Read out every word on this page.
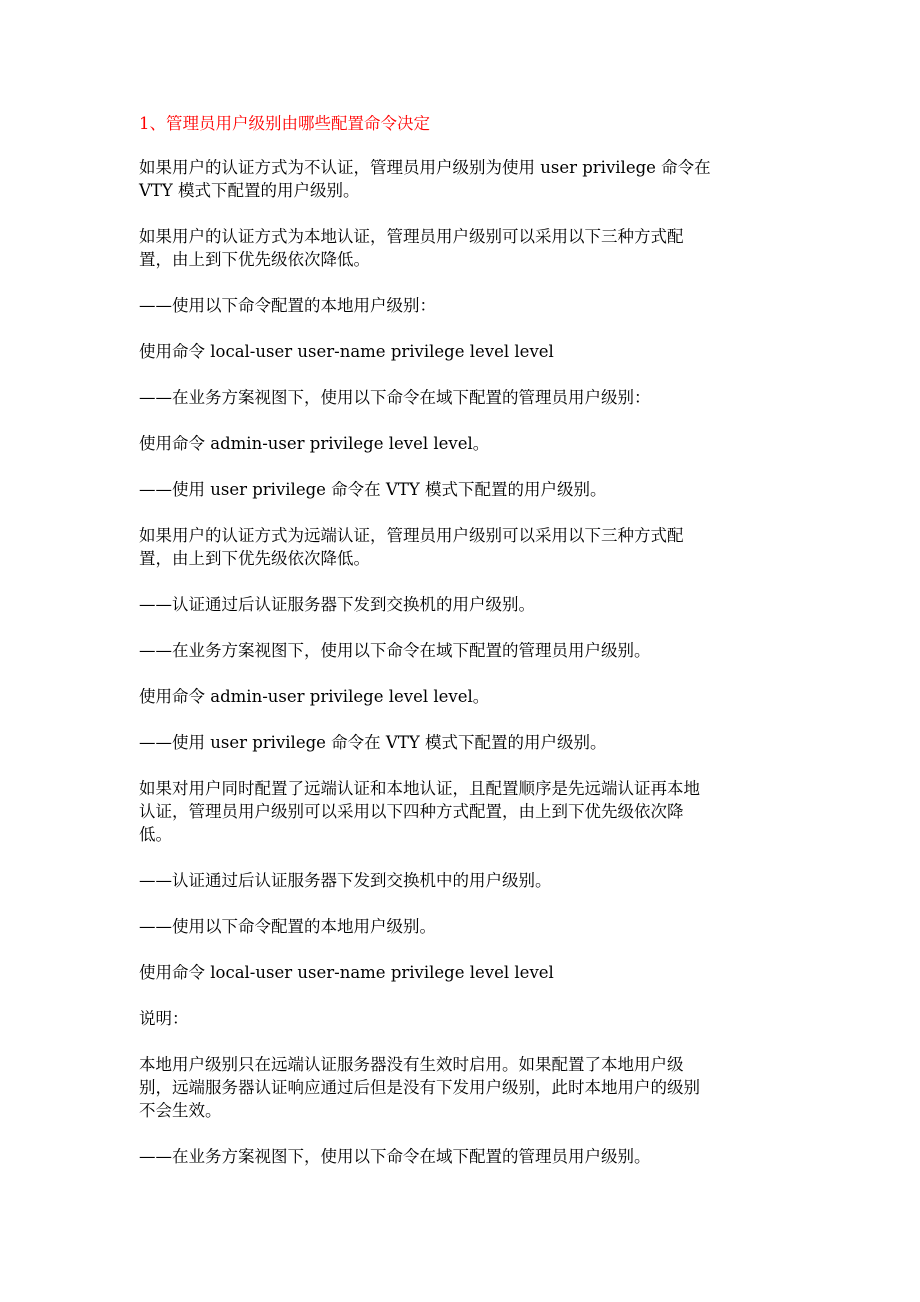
1、管理员用户级别由哪些配置命令决定
如果用户的认证方式为不认证，管理员用户级别为使用 user privilege 命令在
VTY 模式下配置的用户级别。
如果用户的认证方式为本地认证，管理员用户级别可以采用以下三种方式配
置，由上到下优先级依次降低。
——使用以下命令配置的本地用户级别：
使用命令 local-user user-name privilege level level
——在业务方案视图下，使用以下命令在域下配置的管理员用户级别：
使用命令 admin-user privilege level level。
——使用 user privilege 命令在 VTY 模式下配置的用户级别。
如果用户的认证方式为远端认证，管理员用户级别可以采用以下三种方式配
置，由上到下优先级依次降低。
——认证通过后认证服务器下发到交换机的用户级别。
——在业务方案视图下，使用以下命令在域下配置的管理员用户级别。
使用命令 admin-user privilege level level。
——使用 user privilege 命令在 VTY 模式下配置的用户级别。
如果对用户同时配置了远端认证和本地认证，且配置顺序是先远端认证再本地
认证，管理员用户级别可以采用以下四种方式配置，由上到下优先级依次降
低。
——认证通过后认证服务器下发到交换机中的用户级别。
——使用以下命令配置的本地用户级别。
使用命令 local-user user-name privilege level level
说明：
本地用户级别只在远端认证服务器没有生效时启用。如果配置了本地用户级
别，远端服务器认证响应通过后但是没有下发用户级别，此时本地用户的级别
不会生效。
——在业务方案视图下，使用以下命令在域下配置的管理员用户级别。
